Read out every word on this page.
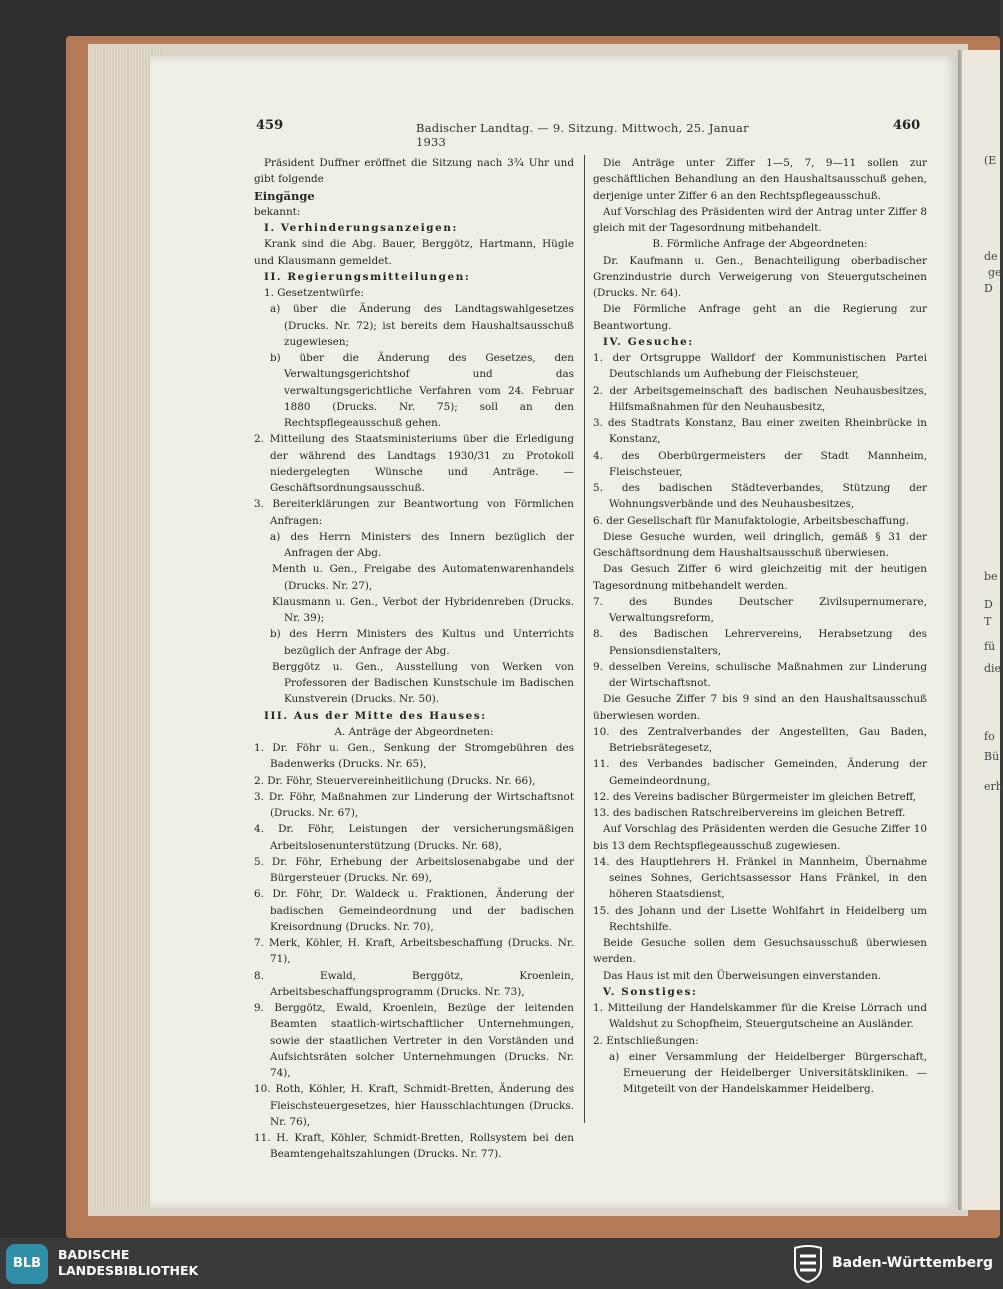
(E
de
D
ge
be
D
T
fü
die
fo
Bü
erh
459	Badischer Landtag. — 9. Sitzung. Mittwoch, 25. Januar 1933
460

Präsident Duffner eröffnet die Sitzung nach 3¾ Uhr und gibt folgende

Eingänge

bekannt:

I. Verhinderungsanzeigen:

Krank sind die Abg. Bauer, Berggötz, Hartmann, Hügle und Klausmann gemeldet.

II. Regierungsmitteilungen:

1. Gesetzentwürfe:

a) über die Änderung des Landtagswahlgesetzes (Drucks. Nr. 72); ist bereits dem Haushaltsausschuß zugewiesen;

b) über die Änderung des Gesetzes, den Verwaltungsgerichtshof und das verwaltungsgerichtliche Verfahren vom 24. Februar 1880 (Drucks. Nr. 75); soll an den Rechtspflegeausschuß gehen.

2. Mitteilung des Staatsministeriums über die Erledigung der während des Landtags 1930/31 zu Protokoll niedergelegten Wünsche und Anträge. — Geschäftsordnungsausschuß.

3. Bereiterklärungen zur Beantwortung von Förmlichen Anfragen:

a) des Herrn Ministers des Innern bezüglich der Anfragen der Abg.

Menth u. Gen., Freigabe des Automatenwarenhandels (Drucks. Nr. 27),

Klausmann u. Gen., Verbot der Hybridenreben (Drucks. Nr. 39);

b) des Herrn Ministers des Kultus und Unterrichts bezüglich der Anfrage der Abg.

Berggötz u. Gen., Ausstellung von Werken von Professoren der Badischen Kunstschule im Badischen Kunstverein (Drucks. Nr. 50).

III. Aus der Mitte des Hauses:

A. Anträge der Abgeordneten:

1. Dr. Föhr u. Gen., Senkung der Stromgebühren des Badenwerks (Drucks. Nr. 65),

2. Dr. Föhr, Steuervereinheitlichung (Drucks. Nr. 66),

3. Dr. Föhr, Maßnahmen zur Linderung der Wirtschaftsnot (Drucks. Nr. 67),

4. Dr. Föhr, Leistungen der versicherungsmäßigen Arbeitslosenunterstützung (Drucks. Nr. 68),

5. Dr. Föhr, Erhebung der Arbeitslosenabgabe und der Bürgersteuer (Drucks. Nr. 69),

6. Dr. Föhr, Dr. Waldeck u. Fraktionen, Änderung der badischen Gemeindeordnung und der badischen Kreisordnung (Drucks. Nr. 70),

7. Merk, Köhler, H. Kraft, Arbeitsbeschaffung (Drucks. Nr. 71),

8. Ewald, Berggötz, Kroenlein, Arbeitsbeschaffungsprogramm (Drucks. Nr. 73),

9. Berggötz, Ewald, Kroenlein, Bezüge der leitenden Beamten staatlich-wirtschaftlicher Unternehmungen, sowie der staatlichen Vertreter in den Vorständen und Aufsichtsräten solcher Unternehmungen (Drucks. Nr. 74),

10. Roth, Köhler, H. Kraft, Schmidt-Bretten, Änderung des Fleischsteuergesetzes, hier Hausschlachtungen (Drucks. Nr. 76),

11. H. Kraft, Köhler, Schmidt-Bretten, Rollsystem bei den Beamtengehaltszahlungen (Drucks. Nr. 77).

Die Anträge unter Ziffer 1—5, 7, 9—11 sollen zur geschäftlichen Behandlung an den Haushaltsausschuß gehen, derjenige unter Ziffer 6 an den Rechtspflegeausschuß.

Auf Vorschlag des Präsidenten wird der Antrag unter Ziffer 8 gleich mit der Tagesordnung mitbehandelt.

B. Förmliche Anfrage der Abgeordneten:

Dr. Kaufmann u. Gen., Benachteiligung oberbadischer Grenzindustrie durch Verweigerung von Steuergutscheinen (Drucks. Nr. 64).

Die Förmliche Anfrage geht an die Regierung zur Beantwortung.

IV. Gesuche:

1. der Ortsgruppe Walldorf der Kommunistischen Partei Deutschlands um Aufhebung der Fleischsteuer,

2. der Arbeitsgemeinschaft des badischen Neuhausbesitzes, Hilfsmaßnahmen für den Neuhausbesitz,

3. des Stadtrats Konstanz, Bau einer zweiten Rheinbrücke in Konstanz,

4. des Oberbürgermeisters der Stadt Mannheim, Fleischsteuer,

5. des badischen Städteverbandes, Stützung der Wohnungsverbände und des Neuhausbesitzes,

6. der Gesellschaft für Manufaktologie, Arbeitsbeschaffung.

Diese Gesuche wurden, weil dringlich, gemäß § 31 der Geschäftsordnung dem Haushaltsausschuß überwiesen.

Das Gesuch Ziffer 6 wird gleichzeitig mit der heutigen Tagesordnung mitbehandelt werden.

7. des Bundes Deutscher Zivilsupernumerare, Verwaltungsreform,

8. des Badischen Lehrervereins, Herabsetzung des Pensionsdienstalters,

9. desselben Vereins, schulische Maßnahmen zur Linderung der Wirtschaftsnot.

Die Gesuche Ziffer 7 bis 9 sind an den Haushaltsausschuß überwiesen worden.

10. des Zentralverbandes der Angestellten, Gau Baden, Betriebsrätegesetz,

11. des Verbandes badischer Gemeinden, Änderung der Gemeindeordnung,

12. des Vereins badischer Bürgermeister im gleichen Betreff,

13. des badischen Ratschreibervereins im gleichen Betreff.

Auf Vorschlag des Präsidenten werden die Gesuche Ziffer 10 bis 13 dem Rechtspflegeausschuß zugewiesen.

14. des Hauptlehrers H. Fränkel in Mannheim, Übernahme seines Sohnes, Gerichtsassessor Hans Fränkel, in den höheren Staatsdienst,

15. des Johann und der Lisette Wohlfahrt in Heidelberg um Rechtshilfe.

Beide Gesuche sollen dem Gesuchsausschuß überwiesen werden.

Das Haus ist mit den Überweisungen einverstanden.

V. Sonstiges:

1. Mitteilung der Handelskammer für die Kreise Lörrach und Waldshut zu Schopfheim, Steuergutscheine an Ausländer.

2. Entschließungen:

a) einer Versammlung der Heidelberger Bürgerschaft, Erneuerung der Heidelberger Universitätskliniken. — Mitgeteilt von der Handelskammer Heidelberg.

BLB
BADISCHE
LANDESBIBLIOTHEK	Baden-Württemberg
